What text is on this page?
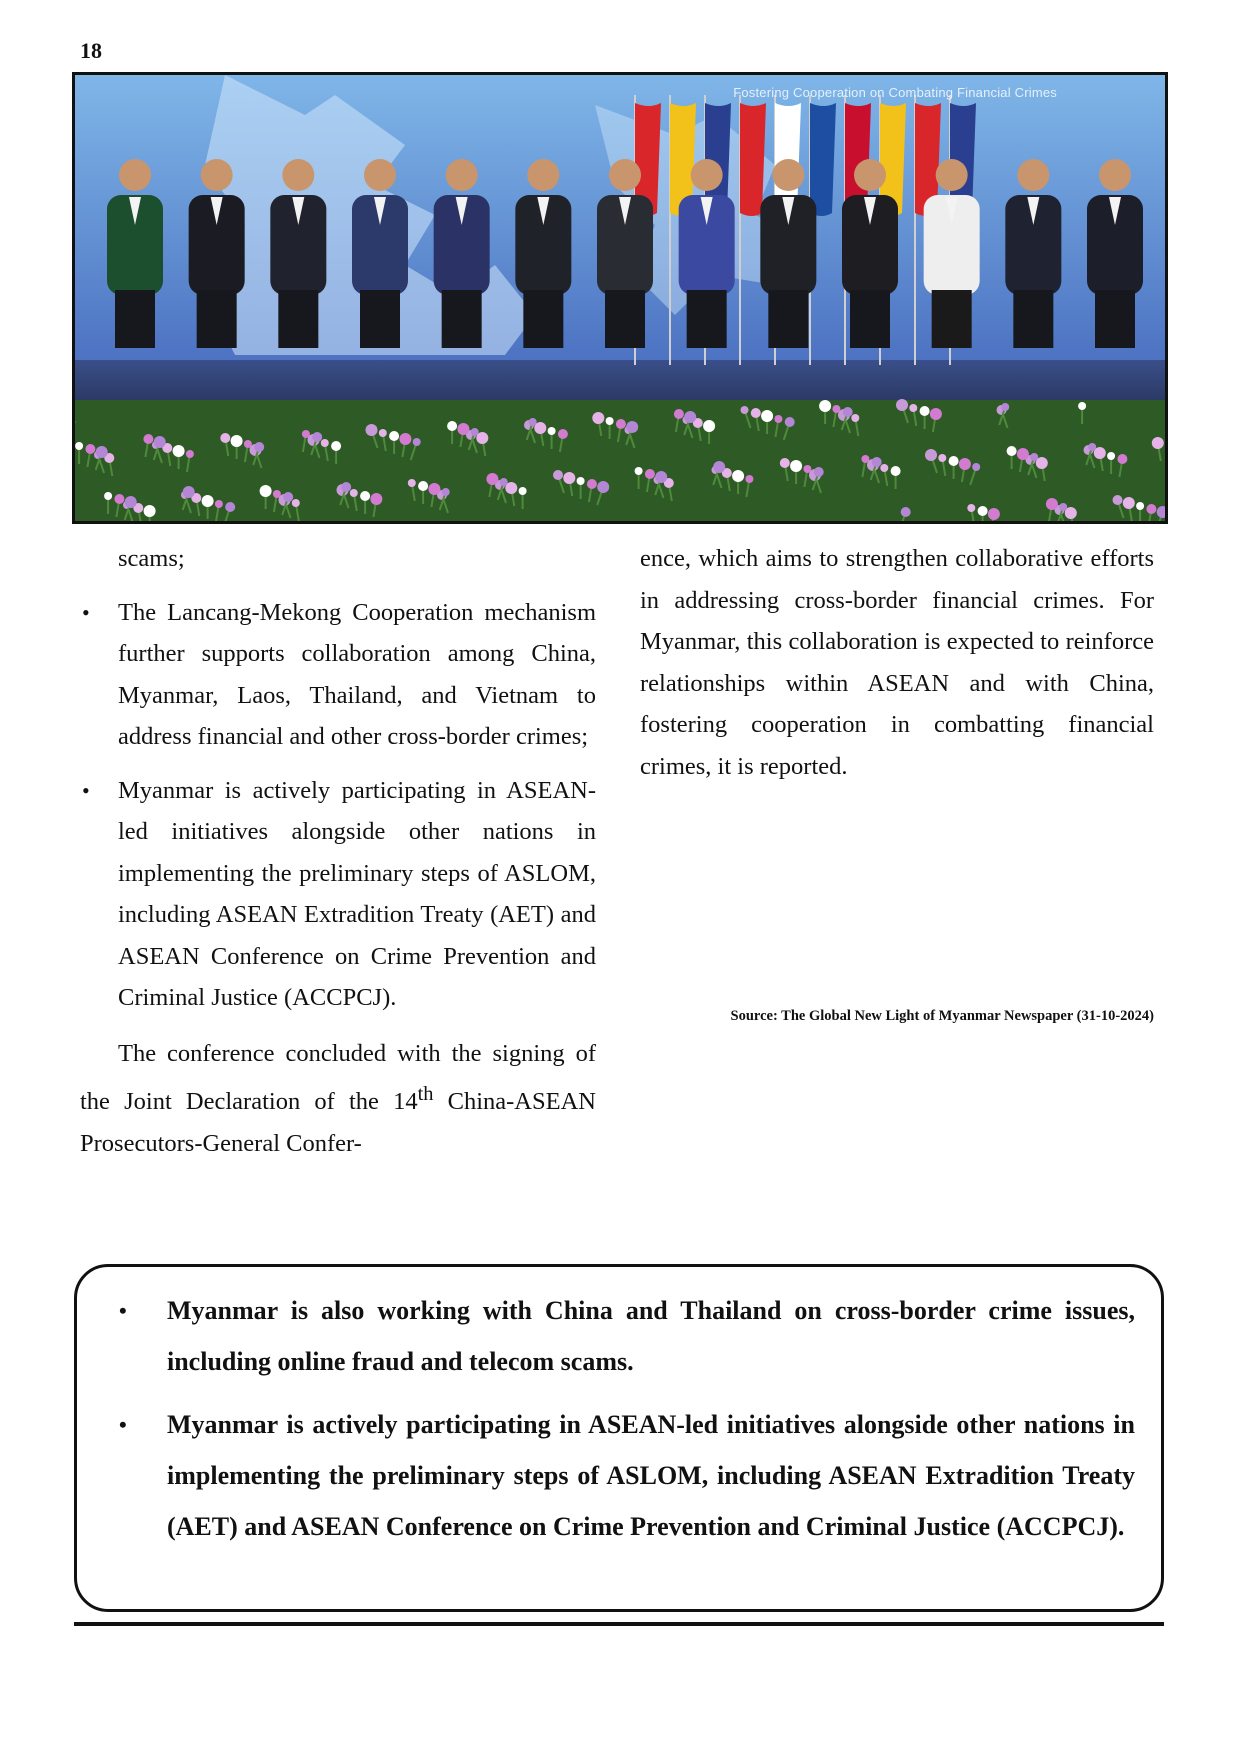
18
Fostering Cooperation on Combating Financial Crimes

scams;

• The Lancang-Mekong Cooperation mechanism further supports collaboration among China, Myanmar, Laos, Thailand, and Vietnam to address financial and other cross-border crimes;
• Myanmar is actively participating in ASEAN-led initiatives alongside other nations in implementing the preliminary steps of ASLOM, including ASEAN Extradition Treaty (AET) and ASEAN Conference on Crime Prevention and Criminal Justice (ACCPCJ).

The conference concluded with the signing of the Joint Declaration of the 14th China-ASEAN Prosecutors-General Confer-

ence, which aims to strengthen collaborative efforts in addressing cross-border financial crimes. For Myanmar, this collaboration is expected to reinforce relationships within ASEAN and with China, fostering cooperation in combatting financial crimes, it is reported.

Source: The Global New Light of Myanmar Newspaper (31-10-2024)
• Myanmar is also working with China and Thailand on cross-border crime issues, including online fraud and telecom scams.
• Myanmar is actively participating in ASEAN-led initiatives alongside other nations in implementing the preliminary steps of ASLOM, including ASEAN Extradition Treaty (AET) and ASEAN Conference on Crime Prevention and Criminal Justice (ACCPCJ).
